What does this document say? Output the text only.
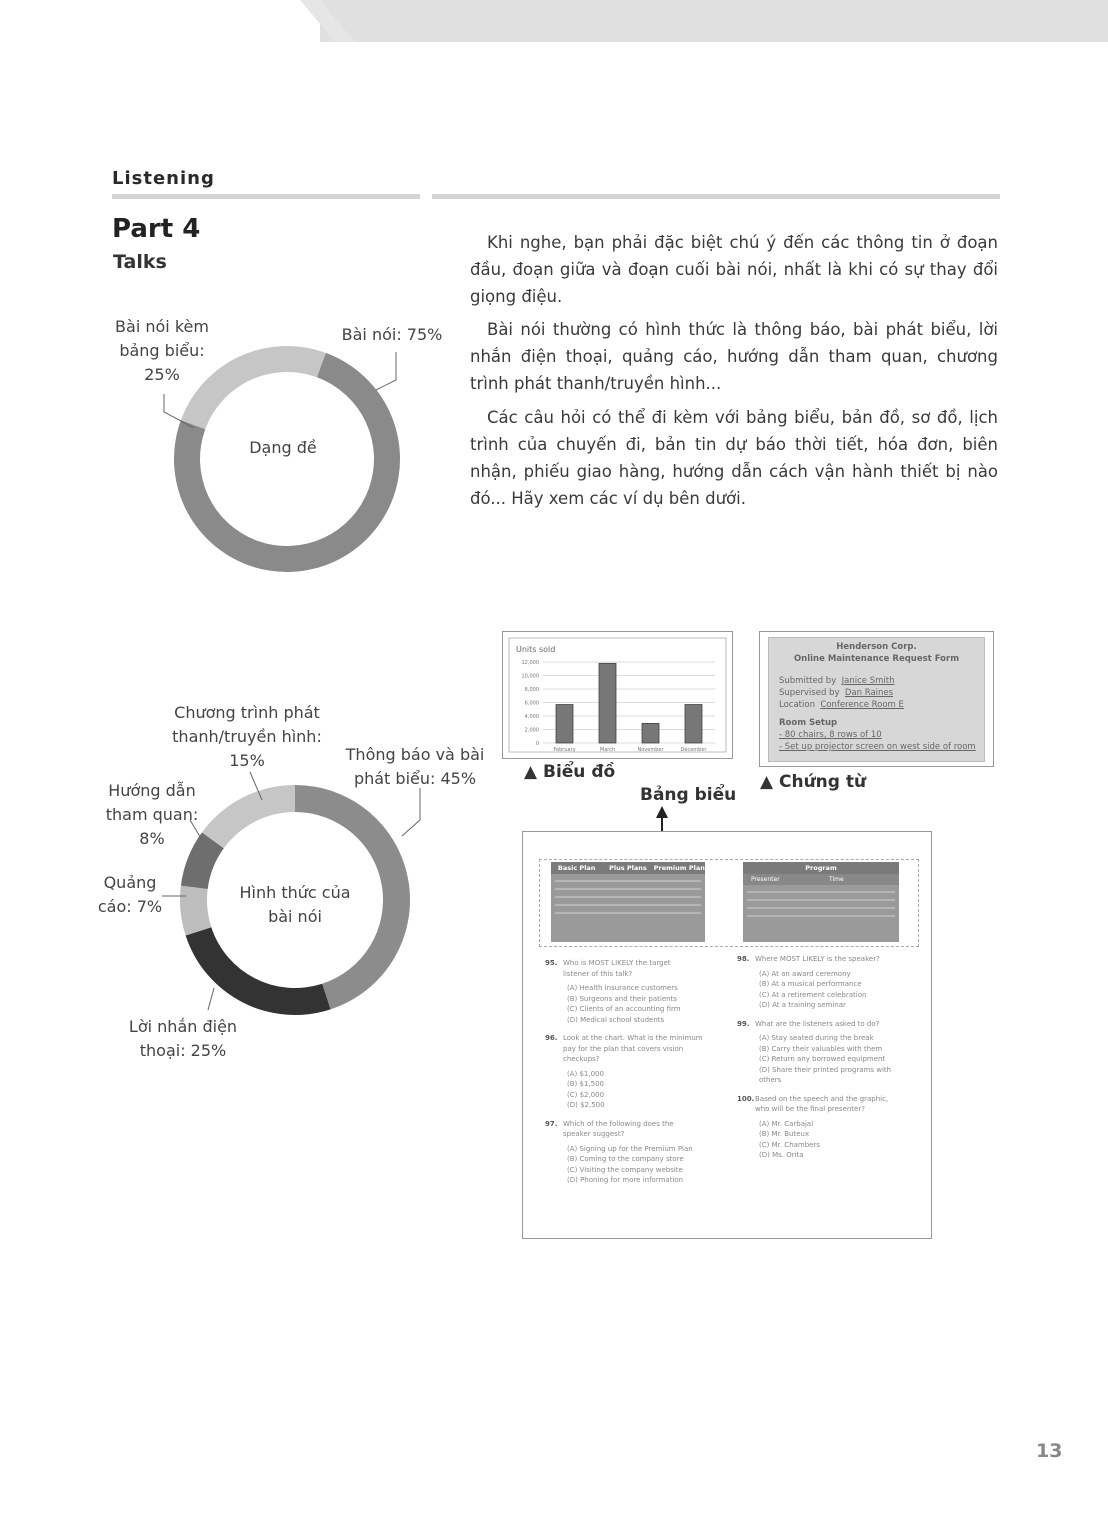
Listening
Part 4
Talks

Khi nghe, bạn phải đặc biệt chú ý đến các thông tin ở đoạn đầu, đoạn giữa và đoạn cuối bài nói, nhất là khi có sự thay đổi giọng điệu.

Bài nói thường có hình thức là thông báo, bài phát biểu, lời nhắn điện thoại, quảng cáo, hướng dẫn tham quan, chương trình phát thanh/truyền hình...

Các câu hỏi có thể đi kèm với bảng biểu, bản đồ, sơ đồ, lịch trình của chuyến đi, bản tin dự báo thời tiết, hóa đơn, biên nhận, phiếu giao hàng, hướng dẫn cách vận hành thiết bị nào đó... Hãy xem các ví dụ bên dưới.

Dạng đề
Bài nói: 75%
Bài nói kèm
bảng biểu:
25%
Hình thức của
bài nói
Thông báo và bài
phát biểu: 45%
Chương trình phát
thanh/truyền hình:
15%
Hướng dẫn
tham quan:
8%
Quảng
cáo: 7%
Lời nhắn điện
thoại: 25%
Units sold
0
2,000
4,000
6,000
8,000
10,000
12,000
February	March	November	December
▲ Biểu đồ
Henderson Corp.
Online Maintenance Request Form
Submitted by Janice Smith
Supervised by Dan Raines
Location Conference Room E
Room Setup
- 80 chairs, 8 rows of 10
- Set up projector screen on west side of room
▲ Chứng từ
Bảng biểu
Basic Plan	Plus Plans	Premium Plan	Program
Presenter	Time
95. Who is MOST LIKELY the target
listener of this talk?
(A) Health insurance customers
(B) Surgeons and their patients
(C) Clients of an accounting firm
(D) Medical school students
96. Look at the chart. What is the minimum
pay for the plan that covers vision
checkups?
(A) $1,000
(B) $1,500
(C) $2,000
(D) $2,500
97. Which of the following does the
speaker suggest?
(A) Signing up for the Premium Plan
(B) Coming to the company store
(C) Visiting the company website
(D) Phoning for more information
98. Where MOST LIKELY is the speaker?
(A) At an award ceremony
(B) At a musical performance
(C) At a retirement celebration
(D) At a training seminar
99. What are the listeners asked to do?
(A) Stay seated during the break
(B) Carry their valuables with them
(C) Return any borrowed equipment
(D) Share their printed programs with
others
100. Based on the speech and the graphic,
who will be the final presenter?
(A) Mr. Carbajal
(B) Mr. Buteux
(C) Mr. Chambers
(D) Ms. Orita
13
